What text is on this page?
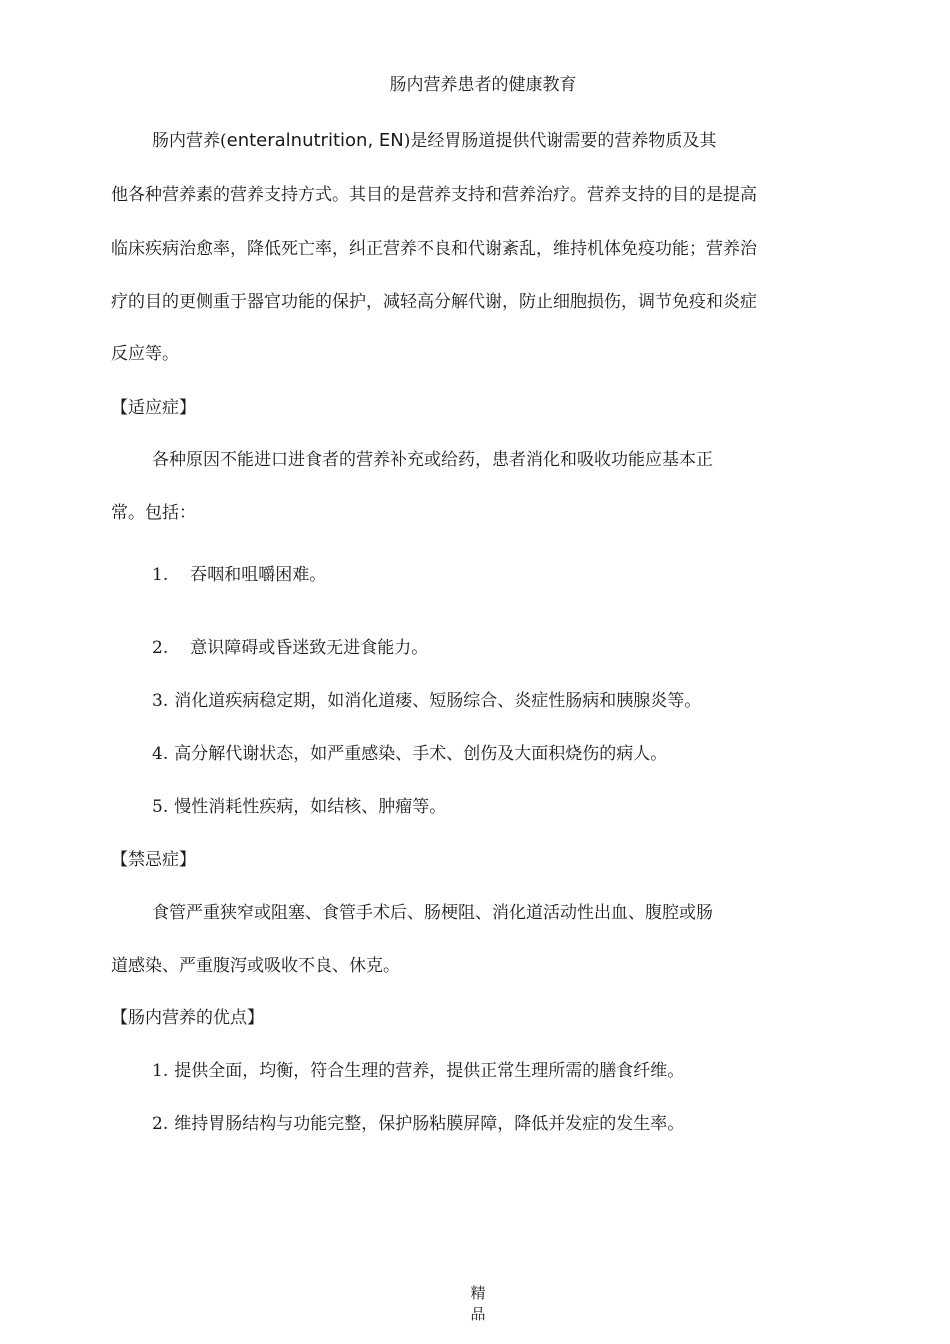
肠内营养患者的健康教育
肠内营养(enteralnutrition, EN)是经胃肠道提供代谢需要的营养物质及其
他各种营养素的营养支持方式。其目的是营养支持和营养治疗。营养支持的目的是提高
临床疾病治愈率，降低死亡率，纠正营养不良和代谢紊乱，维持机体免疫功能；营养治
疗的目的更侧重于器官功能的保护，减轻高分解代谢，防止细胞损伤，调节免疫和炎症
反应等。
【适应症】
各种原因不能进口进食者的营养补充或给药，患者消化和吸收功能应基本正
常。包括：
1. 吞咽和咀嚼困难。
2. 意识障碍或昏迷致无进食能力。
3. 消化道疾病稳定期，如消化道瘘、短肠综合、炎症性肠病和胰腺炎等。
4. 高分解代谢状态，如严重感染、手术、创伤及大面积烧伤的病人。
5. 慢性消耗性疾病，如结核、肿瘤等。
【禁忌症】
食管严重狭窄或阻塞、食管手术后、肠梗阻、消化道活动性出血、腹腔或肠
道感染、严重腹泻或吸收不良、休克。
【肠内营养的优点】
1. 提供全面，均衡，符合生理的营养，提供正常生理所需的膳食纤维。
2. 维持胃肠结构与功能完整，保护肠粘膜屏障，降低并发症的发生率。
精品
